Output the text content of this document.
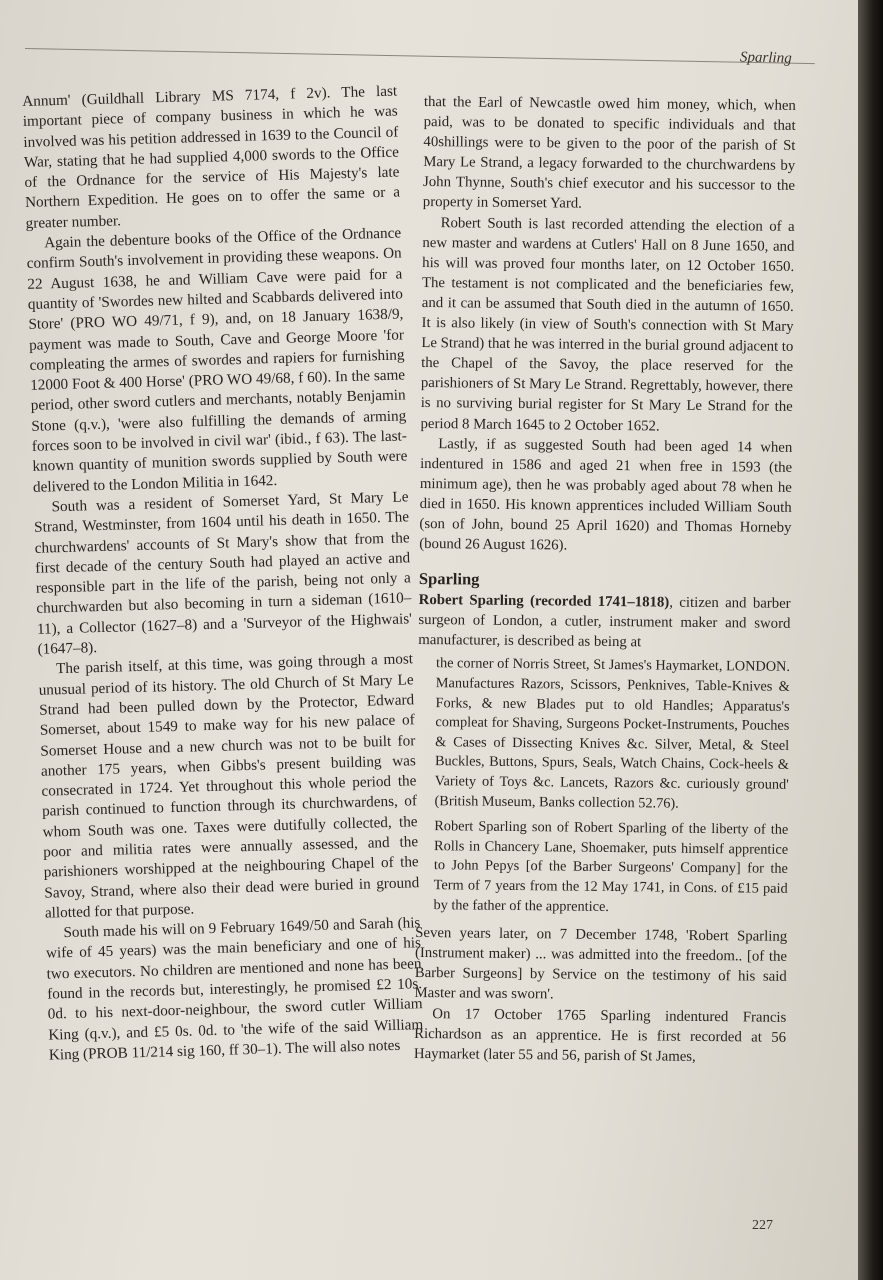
Sparling

Annum' (Guildhall Library MS 7174, f 2v). The last important piece of company business in which he was involved was his petition addressed in 1639 to the Council of War, stating that he had supplied 4,000 swords to the Office of the Ordnance for the service of His Majesty's late Northern Expedition. He goes on to offer the same or a greater number.

Again the debenture books of the Office of the Ordnance confirm South's involvement in providing these weapons. On 22 August 1638, he and William Cave were paid for a quantity of 'Swordes new hilted and Scabbards delivered into Store' (PRO WO 49/71, f 9), and, on 18 January 1638/9, payment was made to South, Cave and George Moore 'for compleating the armes of swordes and rapiers for furnishing 12000 Foot & 400 Horse' (PRO WO 49/68, f 60). In the same period, other sword cutlers and merchants, notably Benjamin Stone (q.v.), 'were also fulfilling the demands of arming forces soon to be involved in civil war' (ibid., f 63). The last-known quantity of munition swords supplied by South were delivered to the London Militia in 1642.

South was a resident of Somerset Yard, St Mary Le Strand, Westminster, from 1604 until his death in 1650. The churchwardens' accounts of St Mary's show that from the first decade of the century South had played an active and responsible part in the life of the parish, being not only a churchwarden but also becoming in turn a sideman (1610–11), a Collector (1627–8) and a 'Surveyor of the Highwais' (1647–8).

The parish itself, at this time, was going through a most unusual period of its history. The old Church of St Mary Le Strand had been pulled down by the Protector, Edward Somerset, about 1549 to make way for his new palace of Somerset House and a new church was not to be built for another 175 years, when Gibbs's present building was consecrated in 1724. Yet throughout this whole period the parish continued to function through its churchwardens, of whom South was one. Taxes were dutifully collected, the poor and militia rates were annually assessed, and the parishioners worshipped at the neighbouring Chapel of the Savoy, Strand, where also their dead were buried in ground allotted for that purpose.

South made his will on 9 February 1649/50 and Sarah (his wife of 45 years) was the main beneficiary and one of his two executors. No children are mentioned and none has been found in the records but, interestingly, he promised £2 10s. 0d. to his next-door-neighbour, the sword cutler William King (q.v.), and £5 0s. 0d. to 'the wife of the said William King (PROB 11/214 sig 160, ff 30–1). The will also notes

that the Earl of Newcastle owed him money, which, when paid, was to be donated to specific individuals and that 40shillings were to be given to the poor of the parish of St Mary Le Strand, a legacy forwarded to the churchwardens by John Thynne, South's chief executor and his successor to the property in Somerset Yard.

Robert South is last recorded attending the election of a new master and wardens at Cutlers' Hall on 8 June 1650, and his will was proved four months later, on 12 October 1650. The testament is not complicated and the beneficiaries few, and it can be assumed that South died in the autumn of 1650. It is also likely (in view of South's connection with St Mary Le Strand) that he was interred in the burial ground adjacent to the Chapel of the Savoy, the place reserved for the parishioners of St Mary Le Strand. Regrettably, however, there is no surviving burial register for St Mary Le Strand for the period 8 March 1645 to 2 October 1652.

Lastly, if as suggested South had been aged 14 when indentured in 1586 and aged 21 when free in 1593 (the minimum age), then he was probably aged about 78 when he died in 1650. His known apprentices included William South (son of John, bound 25 April 1620) and Thomas Horneby (bound 26 August 1626).

Sparling

Robert Sparling (recorded 1741–1818), citizen and barber surgeon of London, a cutler, instrument maker and sword manufacturer, is described as being at

the corner of Norris Street, St James's Haymarket, LONDON. Manufactures Razors, Scissors, Penknives, Table-Knives & Forks, & new Blades put to old Handles; Apparatus's compleat for Shaving, Surgeons Pocket-Instruments, Pouches & Cases of Dissecting Knives &c. Silver, Metal, & Steel Buckles, Buttons, Spurs, Seals, Watch Chains, Cock-heels & Variety of Toys &c. Lancets, Razors &c. curiously ground' (British Museum, Banks collection 52.76).

Robert Sparling son of Robert Sparling of the liberty of the Rolls in Chancery Lane, Shoemaker, puts himself apprentice to John Pepys [of the Barber Surgeons' Company] for the Term of 7 years from the 12 May 1741, in Cons. of £15 paid by the father of the apprentice.

Seven years later, on 7 December 1748, 'Robert Sparling (Instrument maker) ... was admitted into the freedom.. [of the Barber Surgeons] by Service on the testimony of his said Master and was sworn'.

On 17 October 1765 Sparling indentured Francis Richardson as an apprentice. He is first recorded at 56 Haymarket (later 55 and 56, parish of St James,

227
